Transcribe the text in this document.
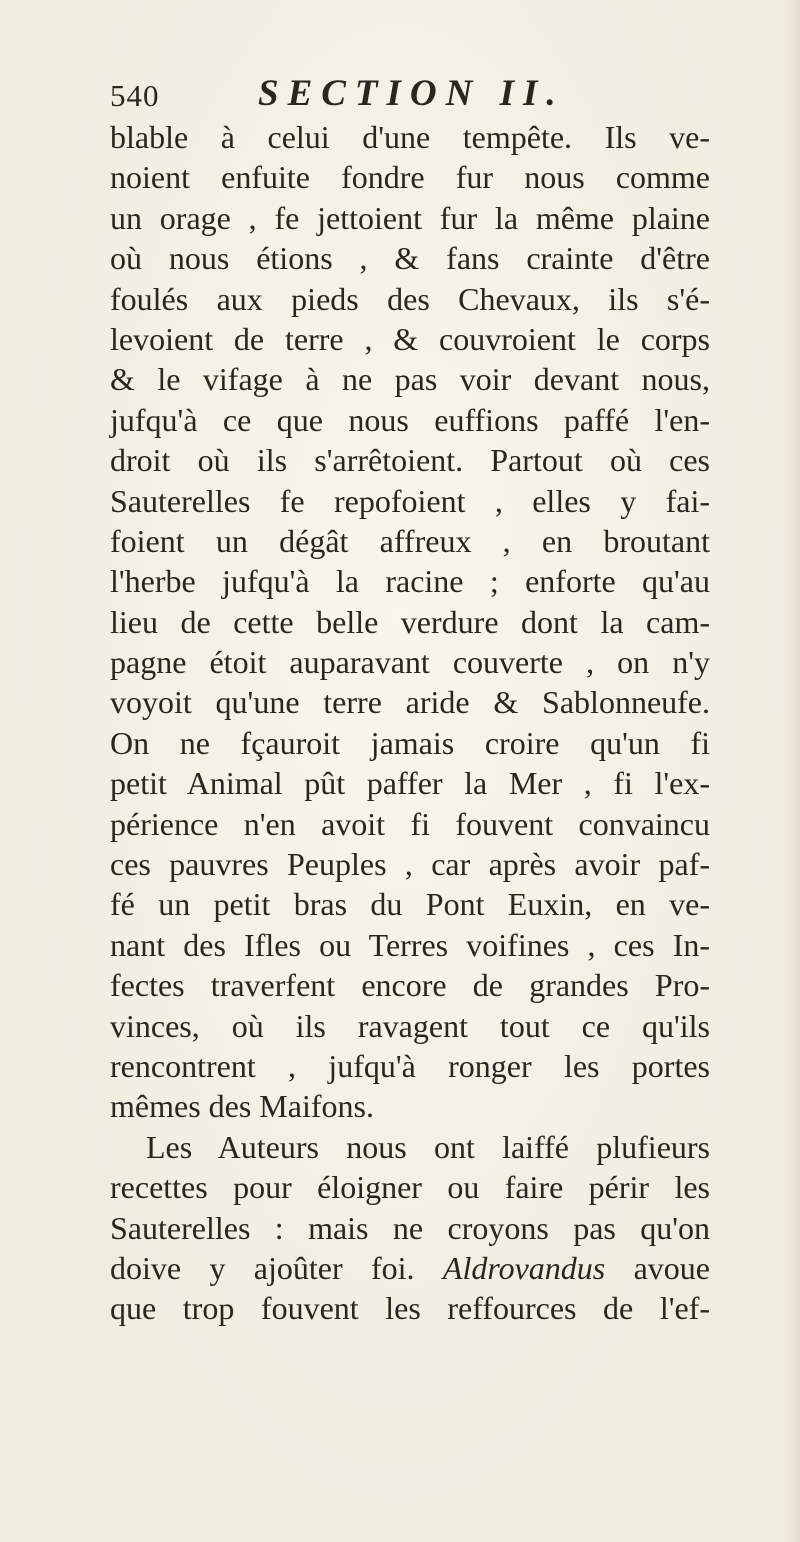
540	SECTION II.
blable à celui d'une tempête. Ils ve-
noient enfuite fondre fur nous comme
un orage , fe jettoient fur la même plaine
où nous étions , & fans crainte d'être
foulés aux pieds des Chevaux, ils s'é-
levoient de terre , & couvroient le corps
& le vifage à ne pas voir devant nous,
jufqu'à ce que nous euffions paffé l'en-
droit où ils s'arrêtoient. Partout où ces
Sauterelles fe repofoient , elles y fai-
foient un dégât affreux , en broutant
l'herbe jufqu'à la racine ; enforte qu'au
lieu de cette belle verdure dont la cam-
pagne étoit auparavant couverte , on n'y
voyoit qu'une terre aride & Sablonneufe.
On ne fçauroit jamais croire qu'un fi
petit Animal pût paffer la Mer , fi l'ex-
périence n'en avoit fi fouvent convaincu
ces pauvres Peuples , car après avoir paf-
fé un petit bras du Pont Euxin, en ve-
nant des Ifles ou Terres voifines , ces In-
fectes traverfent encore de grandes Pro-
vinces, où ils ravagent tout ce qu'ils
rencontrent , jufqu'à ronger les portes
mêmes des Maifons.
Les Auteurs nous ont laiffé plufieurs
recettes pour éloigner ou faire périr les
Sauterelles : mais ne croyons pas qu'on
doive y ajoûter foi. Aldrovandus avoue
que trop fouvent les reffources de l'ef-
